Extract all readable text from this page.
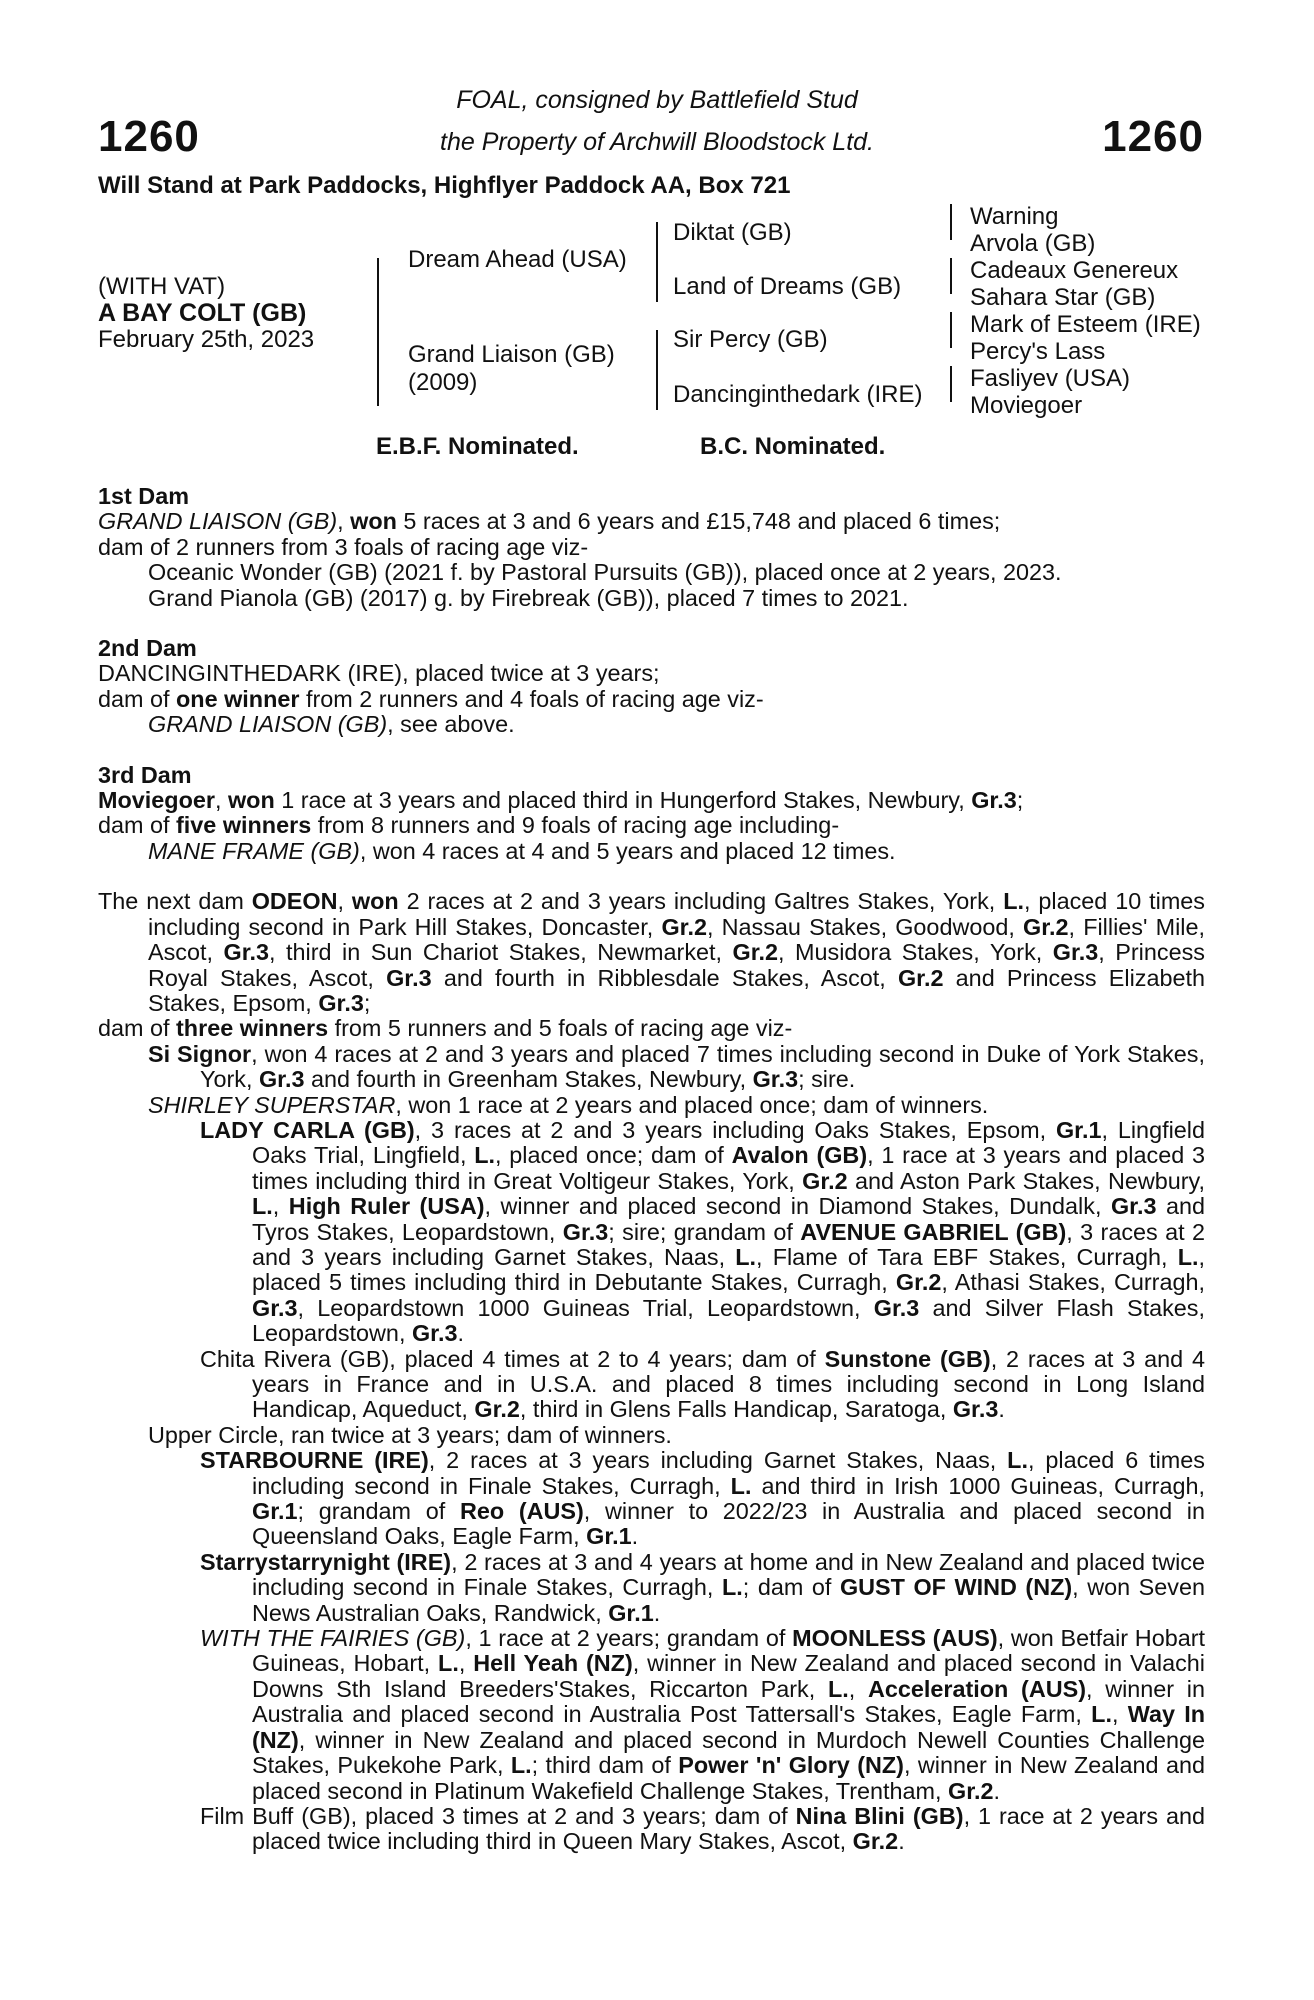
1260	1260
FOAL, consigned by Battlefield Stud
the Property of Archwill Bloodstock Ltd.
Will Stand at Park Paddocks, Highflyer Paddock AA, Box 721
(WITH VAT)
A BAY COLT (GB)
February 25th, 2023
Dream Ahead (USA)
Grand Liaison (GB)
(2009)
Diktat (GB)
Land of Dreams (GB)
Sir Percy (GB)
Dancinginthedark (IRE)
Warning
Arvola (GB)
Cadeaux Genereux
Sahara Star (GB)
Mark of Esteem (IRE)
Percy's Lass
Fasliyev (USA)
Moviegoer
E.B.F. Nominated.	B.C. Nominated.

1st Dam

GRAND LIAISON (GB), won 5 races at 3 and 6 years and £15,748 and placed 6 times;

dam of 2 runners from 3 foals of racing age viz-

Oceanic Wonder (GB) (2021 f. by Pastoral Pursuits (GB)), placed once at 2 years, 2023.

Grand Pianola (GB) (2017) g. by Firebreak (GB)), placed 7 times to 2021.

2nd Dam

DANCINGINTHEDARK (IRE), placed twice at 3 years;

dam of one winner from 2 runners and 4 foals of racing age viz-

GRAND LIAISON (GB), see above.

3rd Dam

Moviegoer, won 1 race at 3 years and placed third in Hungerford Stakes, Newbury, Gr.3;

dam of five winners from 8 runners and 9 foals of racing age including-

MANE FRAME (GB), won 4 races at 4 and 5 years and placed 12 times.

The next dam ODEON, won 2 races at 2 and 3 years including Galtres Stakes, York, L., placed 10 times including second in Park Hill Stakes, Doncaster, Gr.2, Nassau Stakes, Goodwood, Gr.2, Fillies' Mile, Ascot, Gr.3, third in Sun Chariot Stakes, Newmarket, Gr.2, Musidora Stakes, York, Gr.3, Princess Royal Stakes, Ascot, Gr.3 and fourth in Ribblesdale Stakes, Ascot, Gr.2 and Princess Elizabeth Stakes, Epsom, Gr.3;

dam of three winners from 5 runners and 5 foals of racing age viz-

Si Signor, won 4 races at 2 and 3 years and placed 7 times including second in Duke of York Stakes, York, Gr.3 and fourth in Greenham Stakes, Newbury, Gr.3; sire.

SHIRLEY SUPERSTAR, won 1 race at 2 years and placed once; dam of winners.

LADY CARLA (GB), 3 races at 2 and 3 years including Oaks Stakes, Epsom, Gr.1, Lingfield Oaks Trial, Lingfield, L., placed once; dam of Avalon (GB), 1 race at 3 years and placed 3 times including third in Great Voltigeur Stakes, York, Gr.2 and Aston Park Stakes, Newbury, L., High Ruler (USA), winner and placed second in Diamond Stakes, Dundalk, Gr.3 and Tyros Stakes, Leopardstown, Gr.3; sire; grandam of AVENUE GABRIEL (GB), 3 races at 2 and 3 years including Garnet Stakes, Naas, L., Flame of Tara EBF Stakes, Curragh, L., placed 5 times including third in Debutante Stakes, Curragh, Gr.2, Athasi Stakes, Curragh, Gr.3, Leopardstown 1000 Guineas Trial, Leopardstown, Gr.3 and Silver Flash Stakes, Leopardstown, Gr.3.

Chita Rivera (GB), placed 4 times at 2 to 4 years; dam of Sunstone (GB), 2 races at 3 and 4 years in France and in U.S.A. and placed 8 times including second in Long Island Handicap, Aqueduct, Gr.2, third in Glens Falls Handicap, Saratoga, Gr.3.

Upper Circle, ran twice at 3 years; dam of winners.

STARBOURNE (IRE), 2 races at 3 years including Garnet Stakes, Naas, L., placed 6 times including second in Finale Stakes, Curragh, L. and third in Irish 1000 Guineas, Curragh, Gr.1; grandam of Reo (AUS), winner to 2022/23 in Australia and placed second in Queensland Oaks, Eagle Farm, Gr.1.

Starrystarrynight (IRE), 2 races at 3 and 4 years at home and in New Zealand and placed twice including second in Finale Stakes, Curragh, L.; dam of GUST OF WIND (NZ), won Seven News Australian Oaks, Randwick, Gr.1.

WITH THE FAIRIES (GB), 1 race at 2 years; grandam of MOONLESS (AUS), won Betfair Hobart Guineas, Hobart, L., Hell Yeah (NZ), winner in New Zealand and placed second in Valachi Downs Sth Island Breeders'Stakes, Riccarton Park, L., Acceleration (AUS), winner in Australia and placed second in Australia Post Tattersall's Stakes, Eagle Farm, L., Way In (NZ), winner in New Zealand and placed second in Murdoch Newell Counties Challenge Stakes, Pukekohe Park, L.; third dam of Power 'n' Glory (NZ), winner in New Zealand and placed second in Platinum Wakefield Challenge Stakes, Trentham, Gr.2.

Film Buff (GB), placed 3 times at 2 and 3 years; dam of Nina Blini (GB), 1 race at 2 years and placed twice including third in Queen Mary Stakes, Ascot, Gr.2.
